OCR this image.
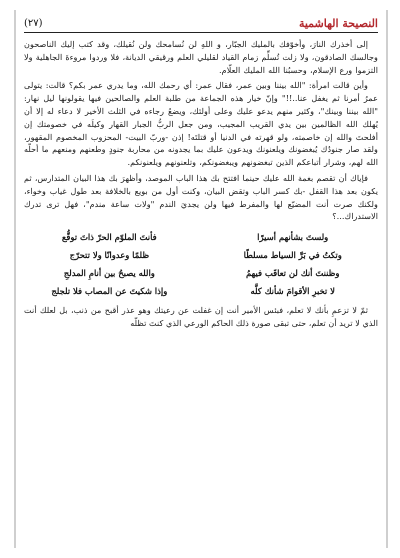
النصيحة الهاشمية
(٢٧)

إلى أخذرك النارَ، وأخوّفك بالمليك الجبّار، و اللهِ لن نُسامحك ولن نُقيلك، وقد كتب إليك الناصحون وجالسك الصادقون، ولا زلت تُسلِّم زمام القياد لقليلي العلم ورقيقي الديانة، فلا وردوا مروءةَ الجاهلية ولا التزموا ورع الإسلام، وحسبُنا الله المليك العلّام.

وأين قالت امرأة: "الله بيننا وبين عمر، فقال عمر: أي رحمك الله، وما يدري عمر بكم؟ قالت: يتولى عمرُ أمرنا ثم يغفل عنا..!!" وإنّ خيار هذه الجماعة من طلبة العلم والصالحين فيها يقولونها ليل نهار: "الله بيننا وبينك"، وكثير منهم يدعو عليك وعلى أولئك، ويضعُ رجاءه في الثلث الأخير لا دعاء له إلا أن يُهلك الله الظالمين بين يدي القريب المجيب، ومن جعل الربُّ الجبار القهار وكيلَه في خصومتك إن أفلحتَ والله إن خاصمته، ولو قهرته في الدنيا أو قتلتَه! إذن -وربّ البيت- المحزوب المخصوم المقهور، ولقد صار جنودُك يُبغضونك ويلعنونك ويدعون عليك بما يجدونه من محاربة جنودٍ وطعنهم ومنعهم ما أحلّه الله لهم، وشرار أتباعكم الذين تبغضونهم ويبغضونكم، وتلعنونهم ويلعنونكم.

فإياك أن تقصم بغمة الله عليك حينما افتتح بك هذا الباب الموصد، وأظهرَ بك هذا البيان المتدارس، ثم يكون بعد هذا القفل -بك كسر الباب وتقض البيان، وكنت أول من بويع بالخلافة بعد طول غياب وخواء، ولكنك صرت أنت المضيّع لها والمفرط فيها ولن يجديَ الندم "ولات ساعة مندم"، فهل ترى تدرك الاستدراك...؟

ولستَ بشأنهم أسيرًا
فأنتَ الملوّم الحرّ ذاتَ توقُّع
وتكتُ في بَرِّ السياط مسلطًا
ظلمًا وعدوانًا ولا تتحرّج
وظننتَ أنك لن تعاقَب فيهمُ
والله يصبحُ بين أنامِ المدلجِ
لا تخبرِ الأقوامَ شأنك كلَّه
وإذا شكيتَ عن المصاب فلا تلجلج

ثمّ لا تزعمِ بأنك لا تعلم، فبئس الأمير أنت إن غفلت عن رعيتك وهو عذر أقبح من ذنب، بل لعلك أنت الذي لا تريد أن تعلم، حتى تبقى صورة ذلك الحاكم الورعي الذي كنتَ تظلّه
